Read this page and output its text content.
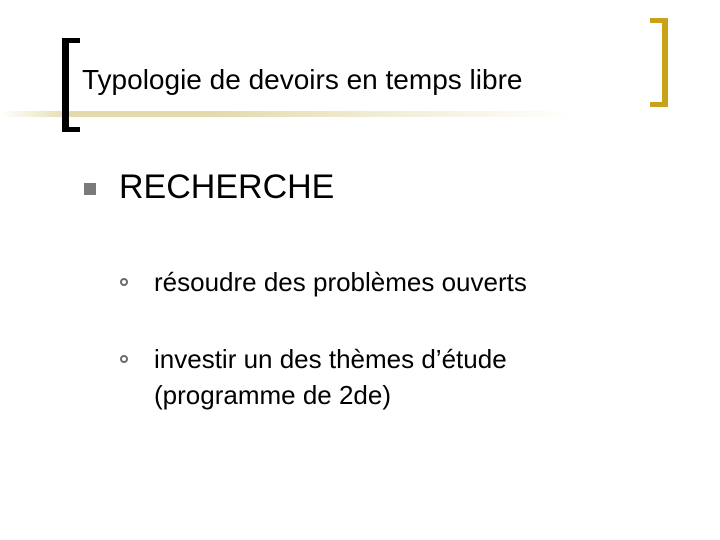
Typologie de devoirs en temps libre
RECHERCHE
résoudre des problèmes ouverts
investir un des thèmes d’étude
(programme de 2de)
